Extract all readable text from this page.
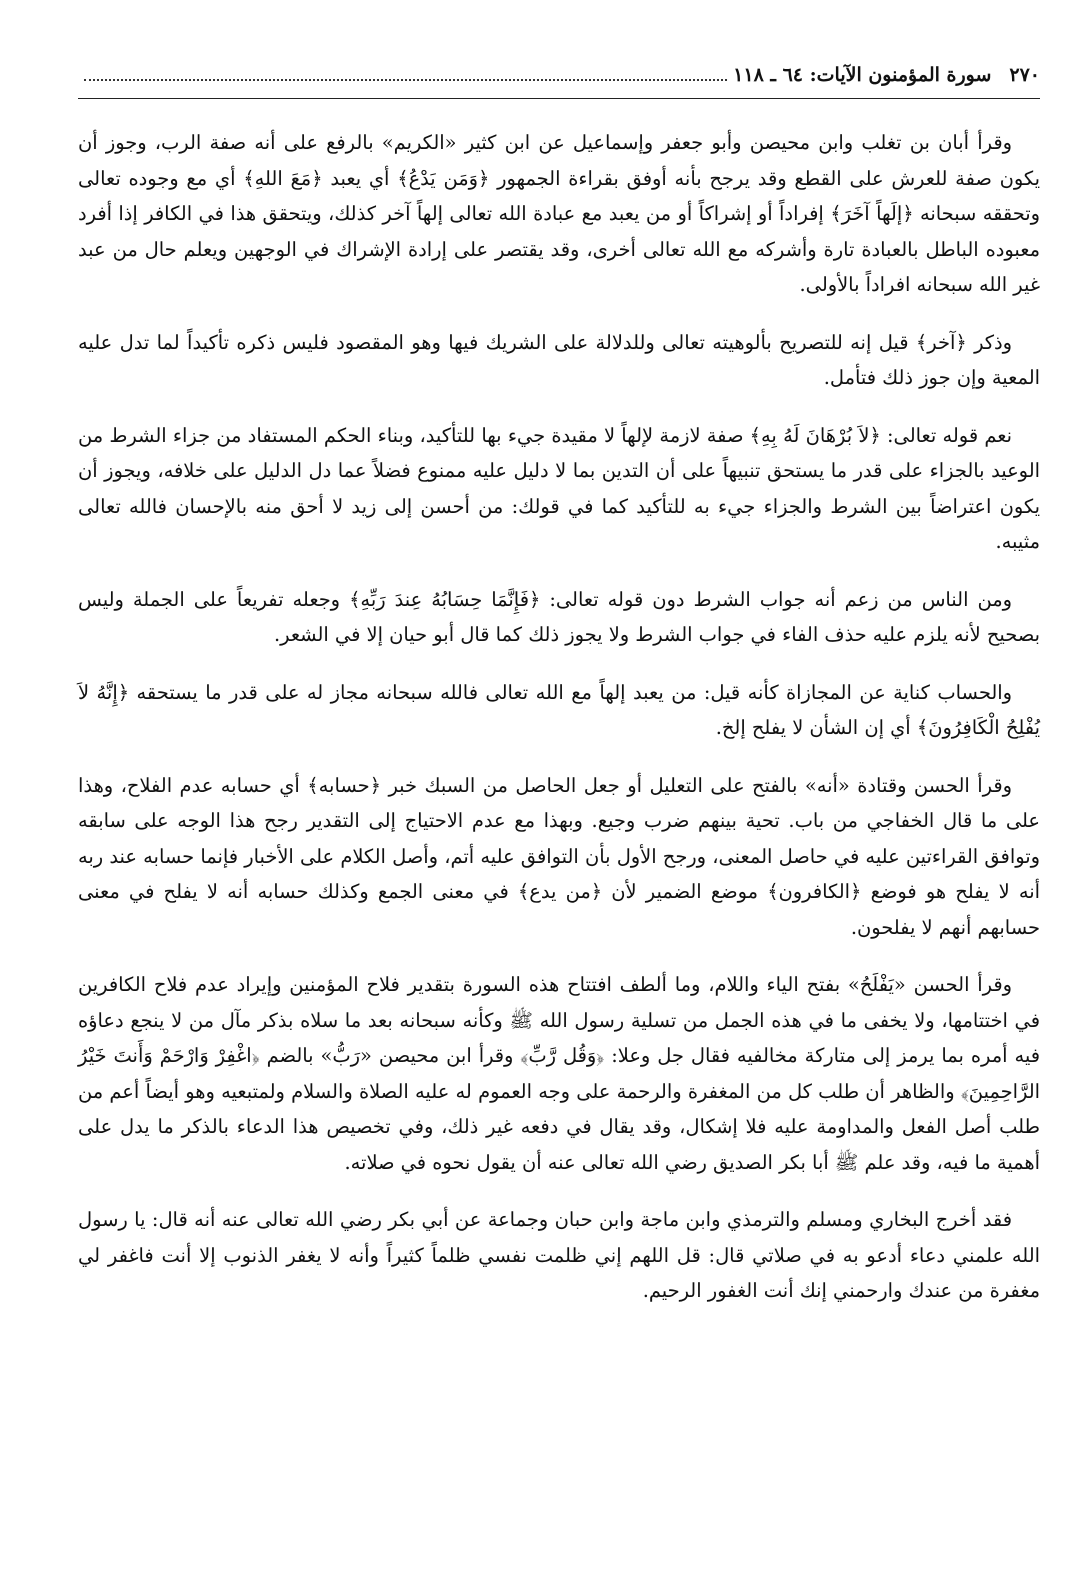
٢٧٠
سورة المؤمنون الآيات: ٦٤ ـ ١١٨

وقرأ أبان بن تغلب وابن محيصن وأبو جعفر وإسماعيل عن ابن كثير «الكريم» بالرفع على أنه صفة الرب، وجوز أن يكون صفة للعرش على القطع وقد يرجح بأنه أوفق بقراءة الجمهور ﴿وَمَن يَدْعُ﴾ أي يعبد ﴿مَعَ اللهِ﴾ أي مع وجوده تعالى وتحققه سبحانه ﴿إلَهاً آخَرَ﴾ إفراداً أو إشراكاً أو من يعبد مع عبادة الله تعالى إلهاً آخر كذلك، ويتحقق هذا في الكافر إذا أفرد معبوده الباطل بالعبادة تارة وأشركه مع الله تعالى أخرى، وقد يقتصر على إرادة الإشراك في الوجهين ويعلم حال من عبد غير الله سبحانه افراداً بالأولى.

وذكر ﴿آخر﴾ قيل إنه للتصريح بألوهيته تعالى وللدلالة على الشريك فيها وهو المقصود فليس ذكره تأكيداً لما تدل عليه المعية وإن جوز ذلك فتأمل.

نعم قوله تعالى: ﴿لاَ بُرْهَانَ لَهُ بِهِ﴾ صفة لازمة لإلهاً لا مقيدة جيء بها للتأكيد، وبناء الحكم المستفاد من جزاء الشرط من الوعيد بالجزاء على قدر ما يستحق تنبيهاً على أن التدين بما لا دليل عليه ممنوع فضلاً عما دل الدليل على خلافه، ويجوز أن يكون اعتراضاً بين الشرط والجزاء جيء به للتأكيد كما في قولك: من أحسن إلى زيد لا أحق منه بالإحسان فالله تعالى مثيبه.

ومن الناس من زعم أنه جواب الشرط دون قوله تعالى: ﴿فَإِنَّمَا حِسَابُهُ عِندَ رَبِّهِ﴾ وجعله تفريعاً على الجملة وليس بصحيح لأنه يلزم عليه حذف الفاء في جواب الشرط ولا يجوز ذلك كما قال أبو حيان إلا في الشعر.

والحساب كناية عن المجازاة كأنه قيل: من يعبد إلهاً مع الله تعالى فالله سبحانه مجاز له على قدر ما يستحقه ﴿إِنَّهُ لاَ يُفْلِحُ الْكَافِرُونَ﴾ أي إن الشأن لا يفلح إلخ.

وقرأ الحسن وقتادة «أنه» بالفتح على التعليل أو جعل الحاصل من السبك خبر ﴿حسابه﴾ أي حسابه عدم الفلاح، وهذا على ما قال الخفاجي من باب. تحية بينهم ضرب وجيع. وبهذا مع عدم الاحتياج إلى التقدير رجح هذا الوجه على سابقه وتوافق القراءتين عليه في حاصل المعنى، ورجح الأول بأن التوافق عليه أتم، وأصل الكلام على الأخبار فإنما حسابه عند ربه أنه لا يفلح هو فوضع ﴿الكافرون﴾ موضع الضمير لأن ﴿من يدع﴾ في معنى الجمع وكذلك حسابه أنه لا يفلح في معنى حسابهم أنهم لا يفلحون.

وقرأ الحسن «يَفْلَحُ» بفتح الياء واللام، وما ألطف افتتاح هذه السورة بتقدير فلاح المؤمنين وإيراد عدم فلاح الكافرين في اختتامها، ولا يخفى ما في هذه الجمل من تسلية رسول الله ﷺ وكأنه سبحانه بعد ما سلاه بذكر مآل من لا ينجع دعاؤه فيه أمره بما يرمز إلى متاركة مخالفيه فقال جل وعلا: ﴿وَقُل رَّبِّ﴾ وقرأ ابن محيصن «رَبُّ» بالضم ﴿اغْفِرْ وَارْحَمْ وَأَنتَ خَيْرُ الرَّاحِمِينَ﴾ والظاهر أن طلب كل من المغفرة والرحمة على وجه العموم له عليه الصلاة والسلام ولمتبعيه وهو أيضاً أعم من طلب أصل الفعل والمداومة عليه فلا إشكال، وقد يقال في دفعه غير ذلك، وفي تخصيص هذا الدعاء بالذكر ما يدل على أهمية ما فيه، وقد علم ﷺ أبا بكر الصديق رضي الله تعالى عنه أن يقول نحوه في صلاته.

فقد أخرج البخاري ومسلم والترمذي وابن ماجة وابن حبان وجماعة عن أبي بكر رضي الله تعالى عنه أنه قال: يا رسول الله علمني دعاء أدعو به في صلاتي قال: قل اللهم إني ظلمت نفسي ظلماً كثيراً وأنه لا يغفر الذنوب إلا أنت فاغفر لي مغفرة من عندك وارحمني إنك أنت الغفور الرحيم.
